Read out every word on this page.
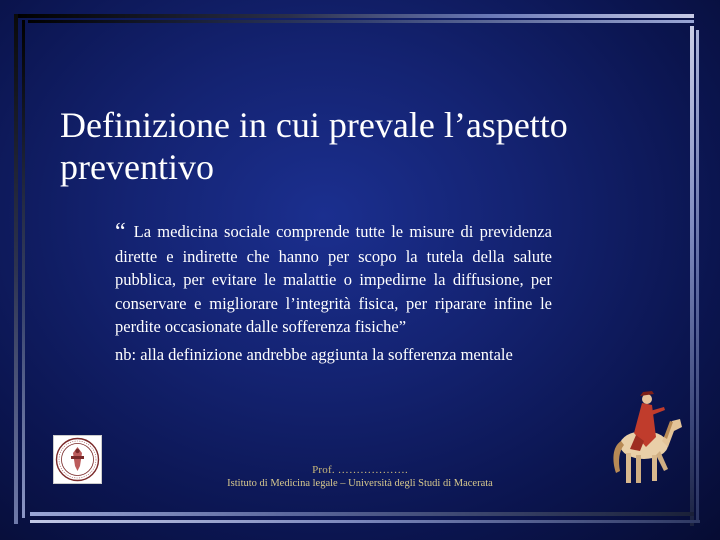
Definizione in cui prevale l’aspetto preventivo

“ La medicina sociale comprende tutte le misure di previdenza dirette e indirette che hanno per scopo la tutela della salute pubblica, per evitare le malattie o impedirne la diffusione, per conservare e migliorare l’integrità fisica, per riparare infine le perdite occasionate dalle sofferenza fisiche”

nb: alla definizione andrebbe aggiunta la sofferenza mentale

Prof. ……………….
Istituto di Medicina legale – Università degli Studi di Macerata
